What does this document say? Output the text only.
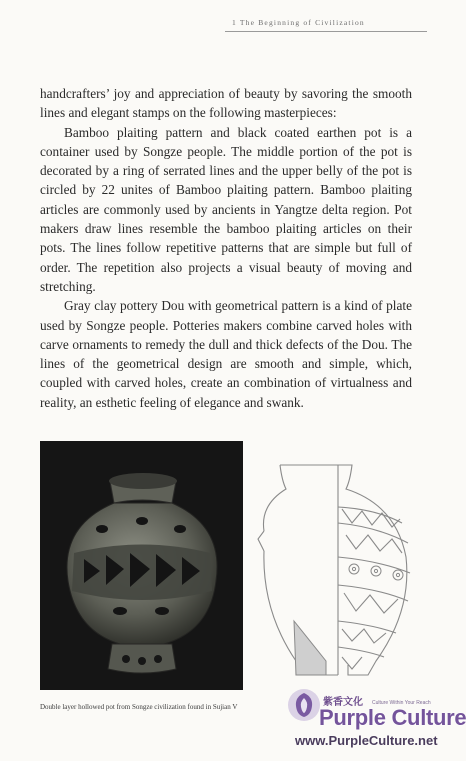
1 The Beginning of Civilization

handcrafters’ joy and appreciation of beauty by savoring the smooth lines and elegant stamps on the following masterpieces:

Bamboo plaiting pattern and black coated earthen pot is a container used by Songze people. The middle portion of the pot is decorated by a ring of serrated lines and the upper belly of the pot is circled by 22 unites of Bamboo plaiting pattern. Bamboo plaiting articles are commonly used by ancients in Yangtze delta region. Pot makers draw lines resemble the bamboo plaiting articles on their pots. The lines follow repetitive patterns that are simple but full of order. The repetition also projects a visual beauty of moving and stretching.

Gray clay pottery Dou with geometrical pattern is a kind of plate used by Songze people. Potteries makers combine carved holes with carve ornaments to remedy the dull and thick defects of the Dou. The lines of the geometrical design are smooth and simple, which, coupled with carved holes, create an combination of virtualness and reality, an esthetic feeling of elegance and swank.

Double layer hollowed pot from Songze civilization found in Sujian V	紫香文化 Culture Within Your Reach
Purple Culture
www.PurpleCulture.net
